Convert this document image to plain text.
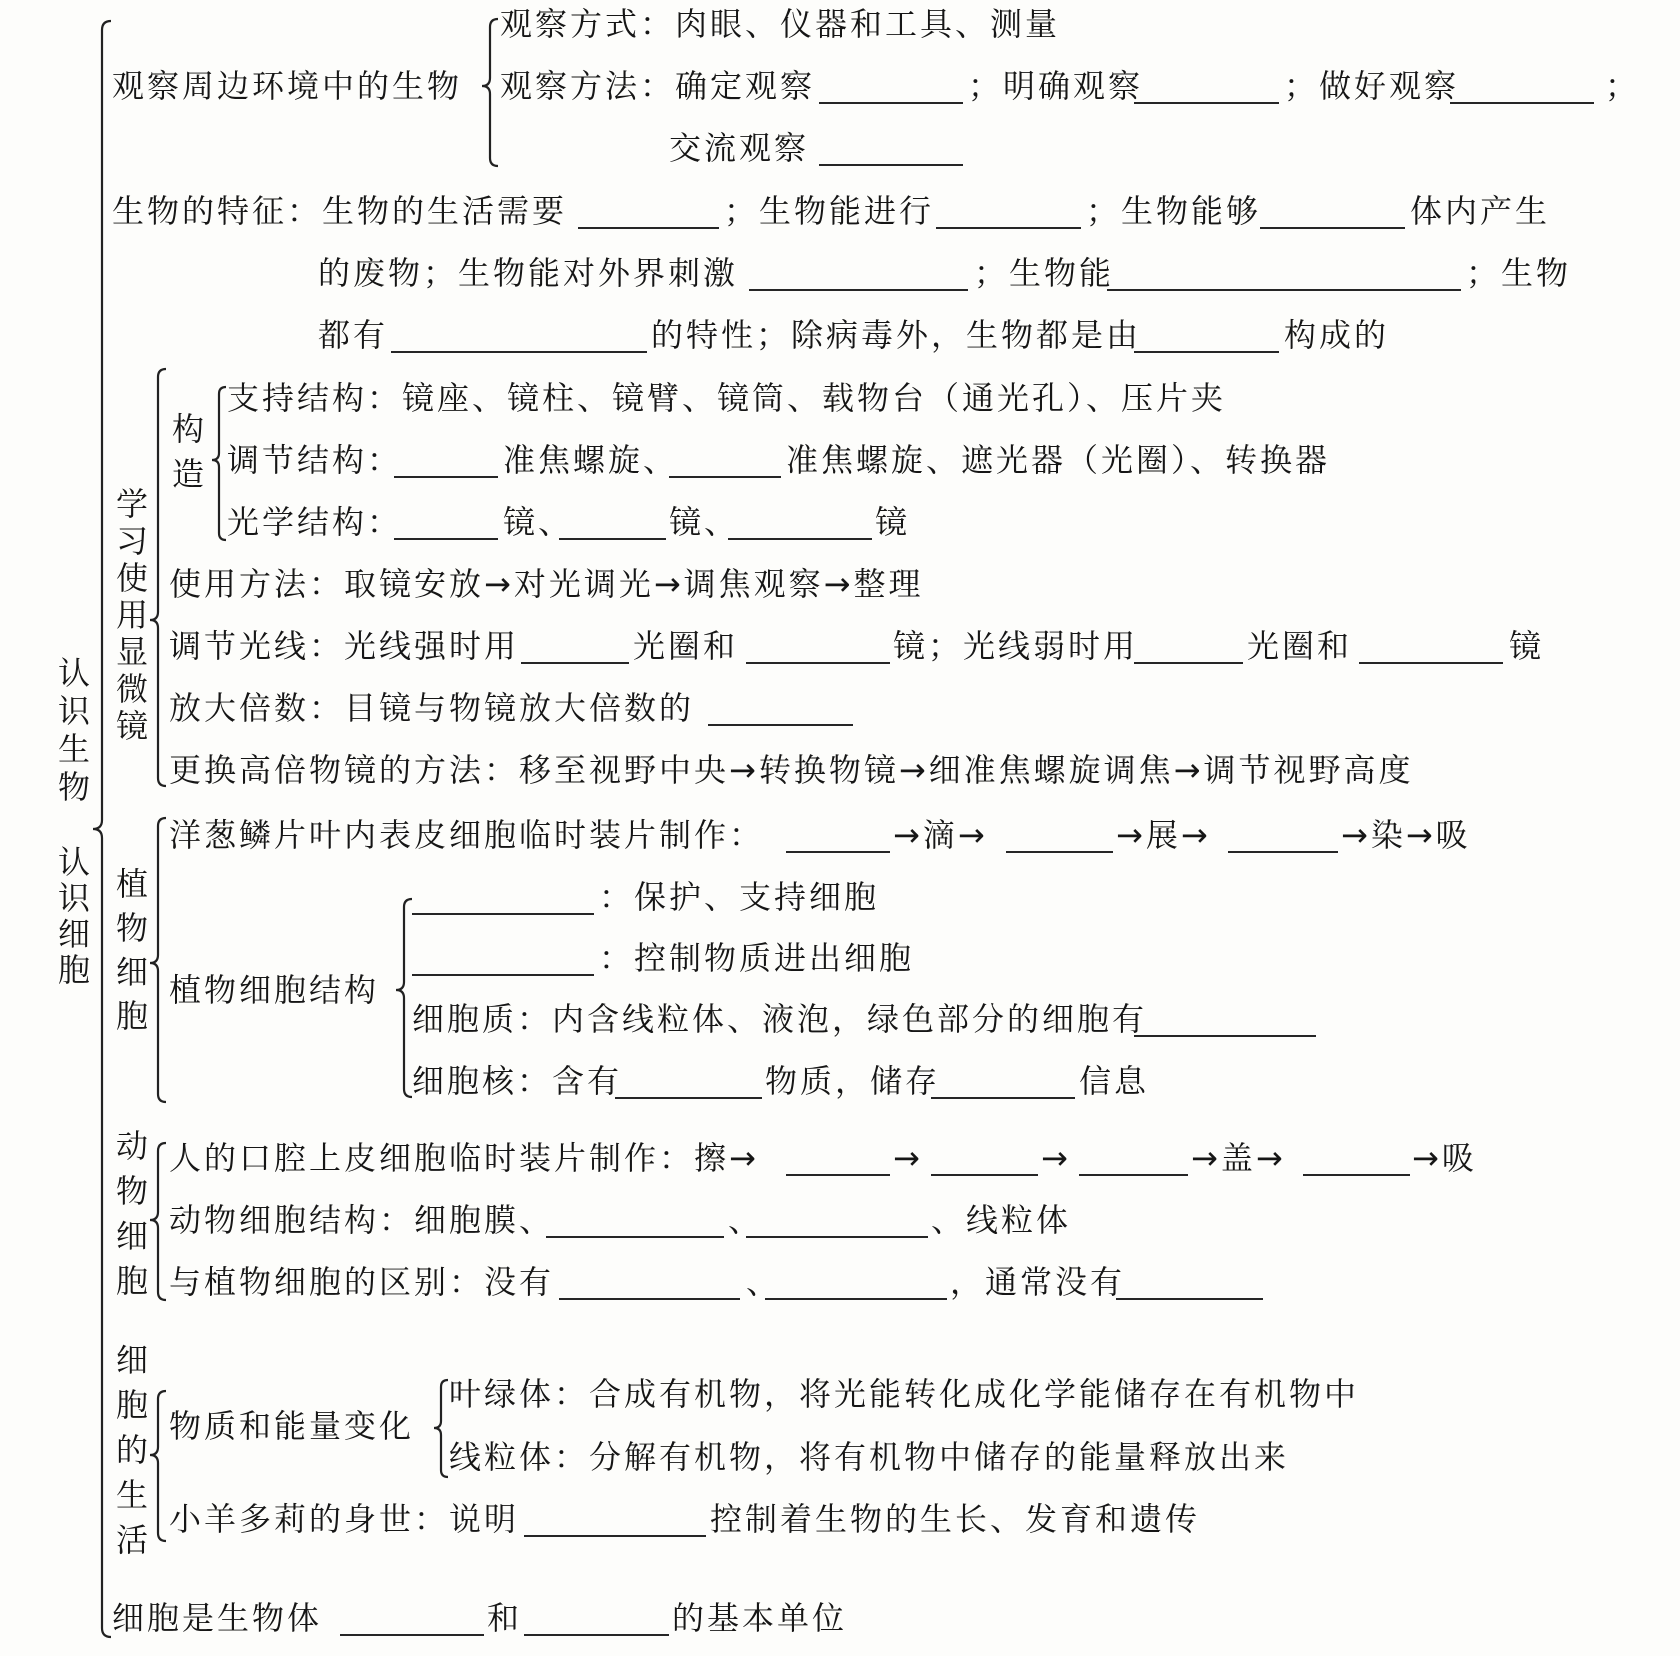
认识生物
认识细胞
观察周边环境中的生物
观察方式：肉眼、仪器和工具、测量
观察方法：确定观察	；明确观察	；做好观察	；
交流观察
生物的特征：生物的生活需要	；生物能进行	；生物能够	体内产生
的废物；生物能对外界刺激	；生物能	；生物
都有	的特性；除病毒外，生物都是由	构成的
学习使用显微镜
构造
支持结构：镜座、镜柱、镜臂、镜筒、载物台（通光孔）、压片夹
调节结构：	准焦螺旋、	准焦螺旋、遮光器（光圈）、转换器
光学结构：	镜、	镜、	镜
使用方法：取镜安放→对光调光→调焦观察→整理
调节光线：光线强时用	光圈和	镜；光线弱时用	光圈和	镜
放大倍数：目镜与物镜放大倍数的
更换高倍物镜的方法：移至视野中央→转换物镜→细准焦螺旋调焦→调节视野高度
植物细胞
洋葱鳞片叶内表皮细胞临时装片制作：	→滴→	→展→	→染→吸
植物细胞结构
：保护、支持细胞
：控制物质进出细胞
细胞质：内含线粒体、液泡，绿色部分的细胞有
细胞核：含有	物质，储存	信息
动物细胞 人的口腔上皮细胞临时装片制作：擦→	→	→	→盖→	→吸
动物细胞结构：细胞膜、	、	、线粒体
与植物细胞的区别：没有	、	，通常没有
细胞的生活 物质和能量变化
叶绿体：合成有机物，将光能转化成化学能储存在有机物中
线粒体：分解有机物，将有机物中储存的能量释放出来
小羊多莉的身世：说明	控制着生物的生长、发育和遗传
细胞是生物体	和	的基本单位
